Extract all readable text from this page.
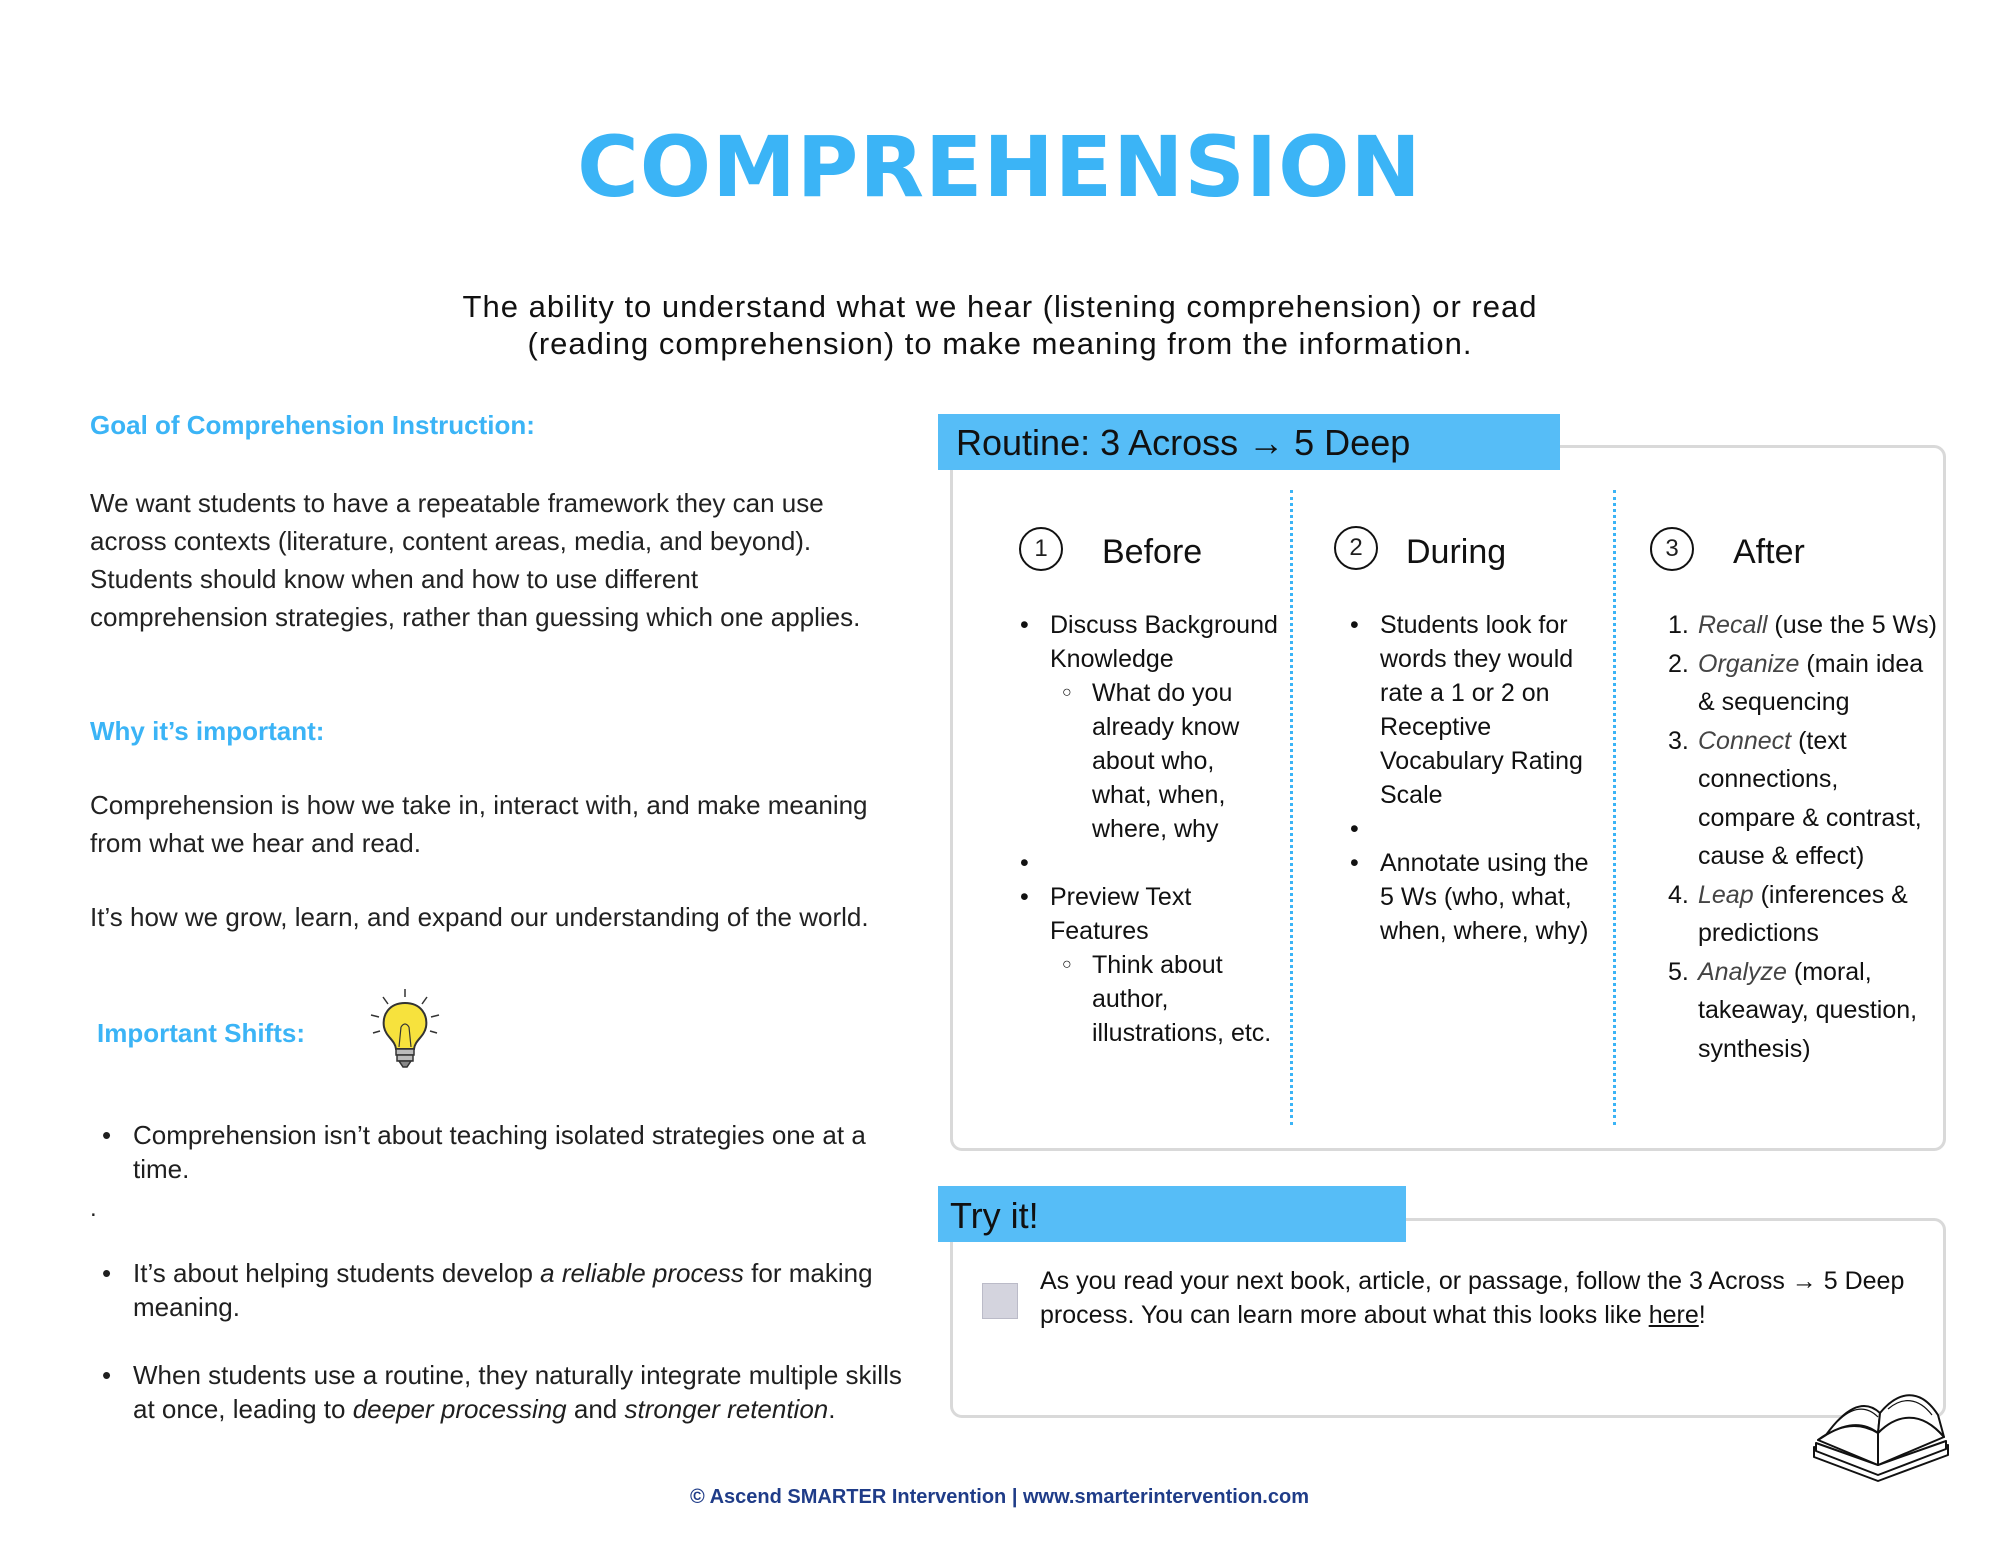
COMPREHENSION
The ability to understand what we hear (listening comprehension) or read
(reading comprehension) to make meaning from the information.
Goal of Comprehension Instruction:
We want students to have a repeatable framework they can use across contexts (literature, content areas, media, and beyond). Students should know when and how to use different comprehension strategies, rather than guessing which one applies.
Why it’s important:
Comprehension is how we take in, interact with, and make meaning from what we hear and read.
It’s how we grow, learn, and expand our understanding of the world.
Important Shifts:
• Comprehension isn’t about teaching isolated strategies one at a time.
• It’s about helping students develop a reliable process for making meaning.
• When students use a routine, they naturally integrate multiple skills at once, leading to deeper processing and stronger retention.
.
Routine: 3 Across → 5 Deep
1	Before
• Discuss Background Knowledge
○ What do you already know about who, what, when, where, why
•
• Preview Text Features
○ Think about author, illustrations, etc.
2	During
• Students look for words they would rate a 1 or 2 on Receptive Vocabulary Rating Scale
•
• Annotate using the 5 Ws (who, what, when, where, why)
3	After
1. Recall (use the 5 Ws)
2. Organize (main idea & sequencing
3. Connect (text connections, compare & contrast, cause & effect)
4. Leap (inferences & predictions
5. Analyze (moral, takeaway, question, synthesis)
Try it!
As you read your next book, article, or passage, follow the 3 Across → 5 Deep process. You can learn more about what this looks like here!
© Ascend SMARTER Intervention | www.smarterintervention.com
